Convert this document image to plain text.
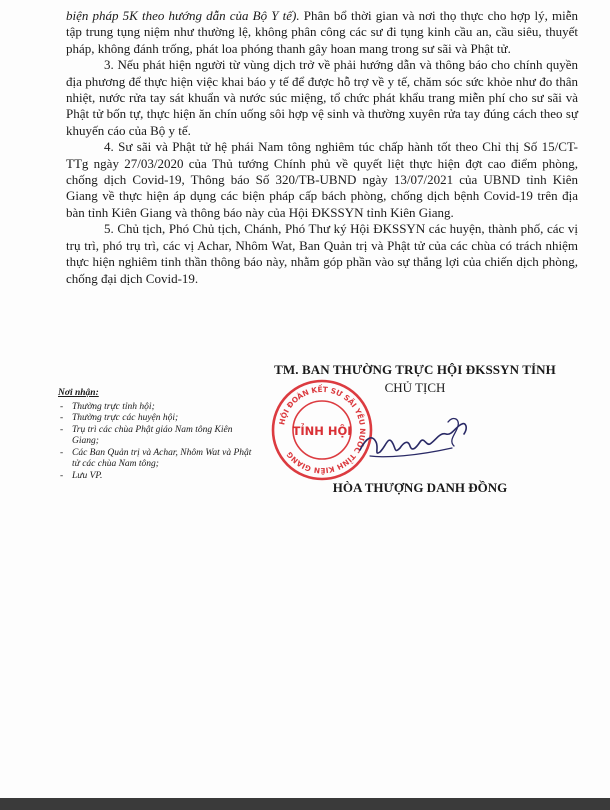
biện pháp 5K theo hướng dẫn của Bộ Y tế). Phân bổ thời gian và nơi thọ thực cho hợp lý, miễn tập trung tụng niệm như thường lệ, không phân công các sư đi tụng kinh cầu an, cầu siêu, thuyết pháp, không đánh trống, phát loa phóng thanh gây hoan mang trong sư sãi và Phật tử.

3. Nếu phát hiện người từ vùng dịch trở về phải hướng dẫn và thông báo cho chính quyền địa phương để thực hiện việc khai báo y tế để được hỗ trợ về y tế, chăm sóc sức khỏe như đo thân nhiệt, nước rửa tay sát khuẩn và nước súc miệng, tổ chức phát khẩu trang miễn phí cho sư sãi và Phật tử bốn tự, thực hiện ăn chín uống sôi hợp vệ sinh và thường xuyên rửa tay đúng cách theo sự khuyến cáo của Bộ y tế.

4. Sư sãi và Phật tử hệ phái Nam tông nghiêm túc chấp hành tốt theo Chỉ thị Số 15/CT-TTg ngày 27/03/2020 của Thủ tướng Chính phủ về quyết liệt thực hiện đợt cao điểm phòng, chống dịch Covid-19, Thông báo Số 320/TB-UBND ngày 13/07/2021 của UBND tỉnh Kiên Giang về thực hiện áp dụng các biện pháp cấp bách phòng, chống dịch bệnh Covid-19 trên địa bàn tỉnh Kiên Giang và thông báo này của Hội ĐKSSYN tỉnh Kiên Giang.

5. Chủ tịch, Phó Chủ tịch, Chánh, Phó Thư ký Hội ĐKSSYN các huyện, thành phố, các vị trụ trì, phó trụ trì, các vị Achar, Nhôm Wat, Ban Quản trị và Phật tử của các chùa có trách nhiệm thực hiện nghiêm tinh thần thông báo này, nhằm góp phần vào sự thắng lợi của chiến dịch phòng, chống đại dịch Covid-19.

Nơi nhận:
- Thường trực tỉnh hội;
- Thường trực các huyện hội;
- Trụ trì các chùa Phật giáo Nam tông Kiên Giang;
- Các Ban Quản trị và Achar, Nhôm Wat và Phật tử các chùa Nam tông;
- Lưu VP.
TM. BAN THƯỜNG TRỰC HỘI ĐKSSYN TỈNH
CHỦ TỊCH
HÒA THƯỢNG DANH ĐỒNG
HỘI ĐOÀN KẾT SƯ SÃI YÊU NƯỚC TỈNH KIÊN GIANG
TỈNH HỘI
